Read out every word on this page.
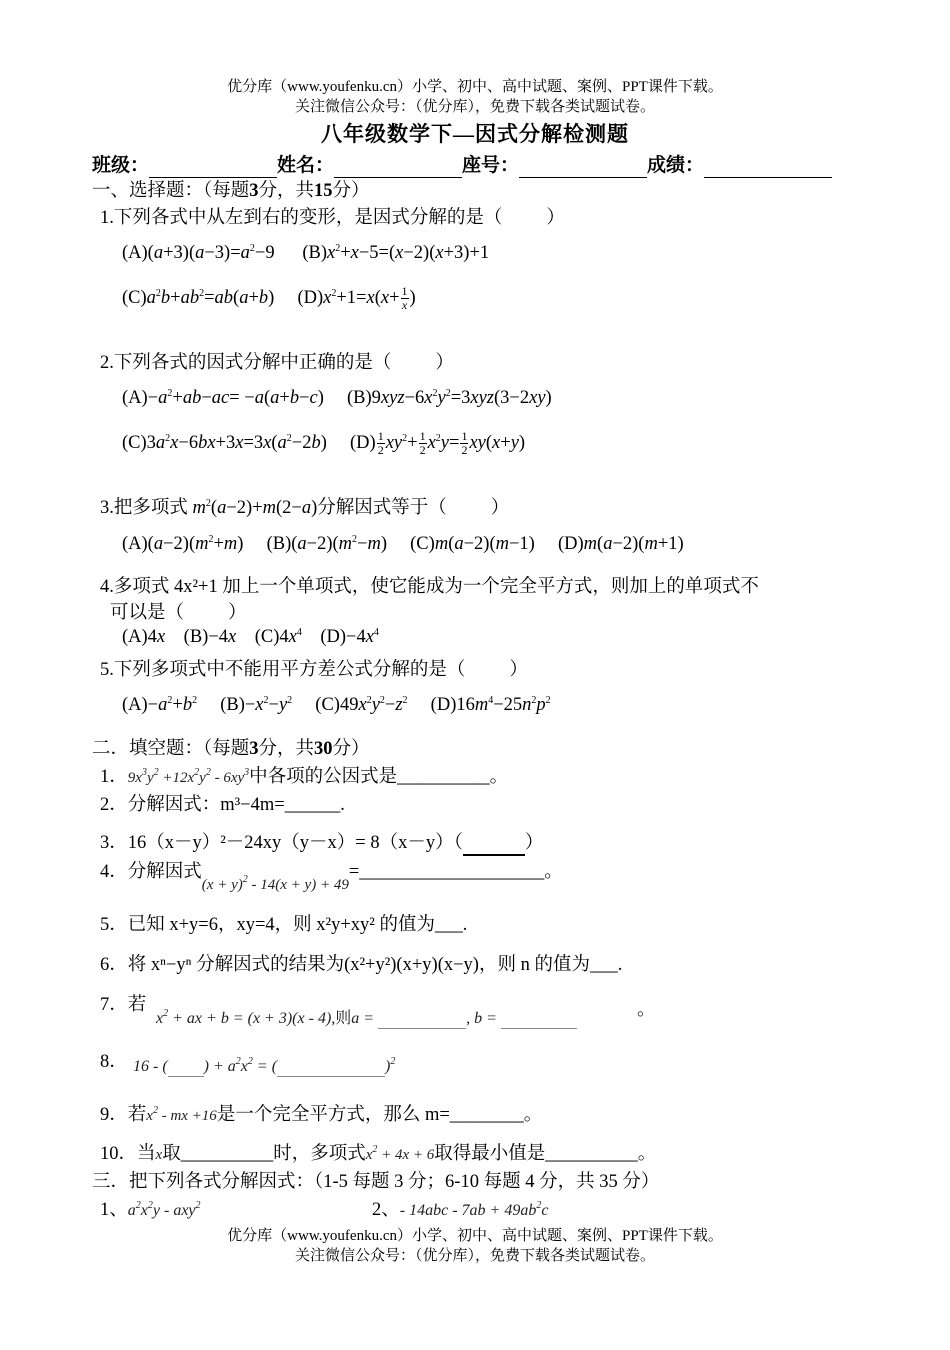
优分库（www.youfenku.cn）小学、初中、高中试题、案例、PPT课件下载。
关注微信公众号：（优分库），免费下载各类试题试卷。
八年级数学下—因式分解检测题
班级：	姓名：	座号：	成绩：
一、选择题：（每题3分，共15分）
1.下列各式中从左到右的变形，是因式分解的是（ ）
$(A)(a+3)(a-3)=a^2-9$      $(B)x^2+x-5=(x-2)(x+3)+1$
$(C)a^2b+ab^2=ab(a+b)$     $(D)x^2+1=x(x+ \frac{1}{x}$ )
2.下列各式的因式分解中正确的是（ ）
$(A)-a^2+ab-ac= -a(a+b-c)$     $(B)9xyz-6x^2y^2=3xyz(3-2xy)$
$(C)3a^2x-6bx+3x=3x(a^2-2b)$     $(D) \frac{1}{2} xy^2+ \frac{1}{2} x^2y= \frac{1}{2} xy(x+y)$
3.把多项式 $m^2(a-2)+m(2-a)$分解因式等于（ ）
$(A)(a-2)(m^2+m)$     $(B)(a-2)(m^2-m)$     (C)m(a−2)(m−1)     (D)m(a−2)(m+1)
4.多项式 4x²+1 加上一个单项式，使它能成为一个完全平方式，则加上的单项式不
可以是（ ）
(A)4x    (B)−4x    $(C)4x^4$    $(D)-4x^4$
5.下列多项式中不能用平方差公式分解的是（ ）
$(A)-a^2+b^2$     $(B)-x^2-y^2$     $(C)49x^2y^2-z^2$     $(D)16m^4-25n^2p^2$
二．填空题：（每题3分，共30分）
1．$9x^3y^2 +12x^2y^2 - 6xy^3$中各项的公因式是__________。
2．分解因式：m³−4m=______.
3．16（x－y）²－24xy（y－x）= 8（x－y）（	）
4．分解因式$_{(x + y)^2 - 14(x + y) + 49}$=____________________。
5．已知 x+y=6，xy=4，则 x²y+xy² 的值为___.
6．将 xⁿ−yⁿ 分解因式的结果为(x²+y²)(x+y)(x−y)，则 n 的值为___.
7．若
$x^2$ + ax + b = (x + 3)(x - 4),则a =	, b =	。
8． 16 - ( ) + $a^2x^2$ = (	)$^2$
9．若$x^2$ - mx +16是一个完全平方式，那么 m=________。
10．当x取__________时，多项式$x^2 + 4x + 6$取得最小值是__________。
三．把下列各式分解因式：（1-5 每题 3 分；6-10 每题 4 分，共 35 分）
1、$a^2x^2y - axy^2$	2、- $14abc - 7ab + 49ab^2c$
优分库（www.youfenku.cn）小学、初中、高中试题、案例、PPT课件下载。
关注微信公众号：（优分库），免费下载各类试题试卷。
